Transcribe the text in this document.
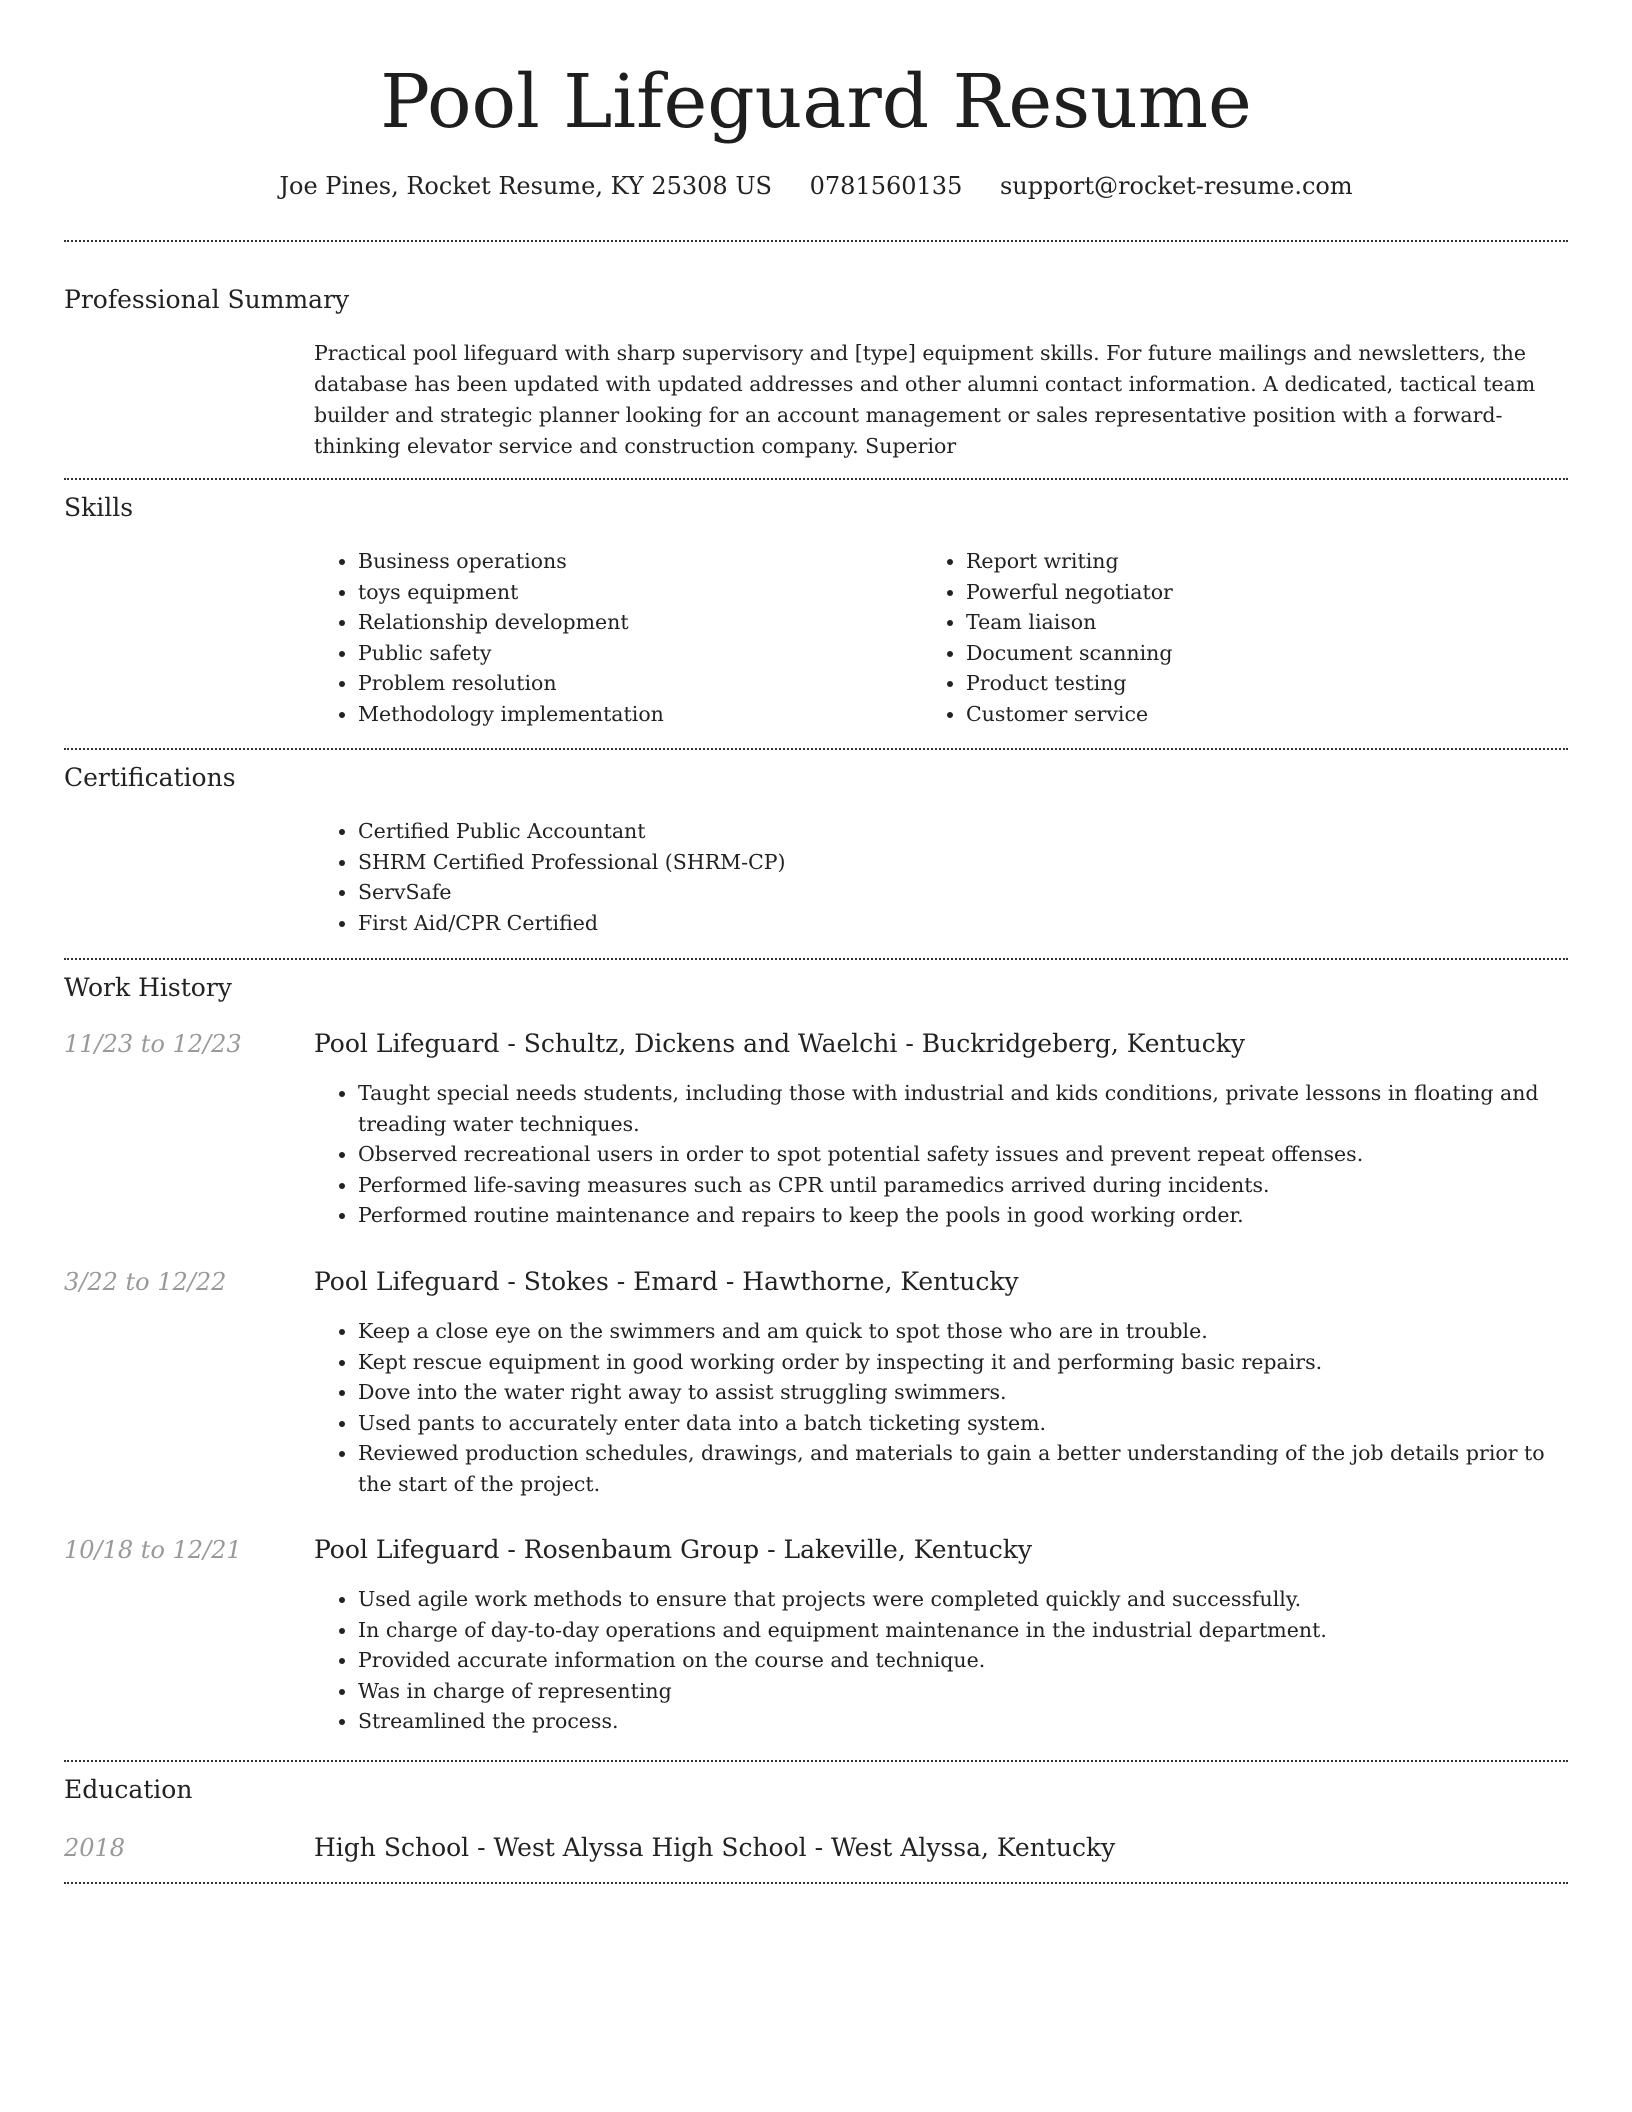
Pool Lifeguard Resume
Joe Pines, Rocket Resume, KY 25308 US 0781560135 support@rocket-resume.com
Professional Summary

Practical pool lifeguard with sharp supervisory and [type] equipment skills. For future mailings and newsletters, the database has been updated with updated addresses and other alumni contact information. A dedicated, tactical team builder and strategic planner looking for an account management or sales representative position with a forward-thinking elevator service and construction company. Superior

Skills
• Business operations
• toys equipment
• Relationship development
• Public safety
• Problem resolution
• Methodology implementation
• Report writing
• Powerful negotiator
• Team liaison
• Document scanning
• Product testing
• Customer service
Certifications
• Certified Public Accountant
• SHRM Certified Professional (SHRM-CP)
• ServSafe
• First Aid/CPR Certified
Work History
11/23 to 12/23	Pool Lifeguard - Schultz, Dickens and Waelchi - Buckridgeberg, Kentucky
• Taught special needs students, including those with industrial and kids conditions, private lessons in floating and treading water techniques.
• Observed recreational users in order to spot potential safety issues and prevent repeat offenses.
• Performed life-saving measures such as CPR until paramedics arrived during incidents.
• Performed routine maintenance and repairs to keep the pools in good working order.
3/22 to 12/22	Pool Lifeguard - Stokes - Emard - Hawthorne, Kentucky
• Keep a close eye on the swimmers and am quick to spot those who are in trouble.
• Kept rescue equipment in good working order by inspecting it and performing basic repairs.
• Dove into the water right away to assist struggling swimmers.
• Used pants to accurately enter data into a batch ticketing system.
• Reviewed production schedules, drawings, and materials to gain a better understanding of the job details prior to the start of the project.
10/18 to 12/21	Pool Lifeguard - Rosenbaum Group - Lakeville, Kentucky
• Used agile work methods to ensure that projects were completed quickly and successfully.
• In charge of day-to-day operations and equipment maintenance in the industrial department.
• Provided accurate information on the course and technique.
• Was in charge of representing
• Streamlined the process.
Education
2018	High School - West Alyssa High School - West Alyssa, Kentucky
